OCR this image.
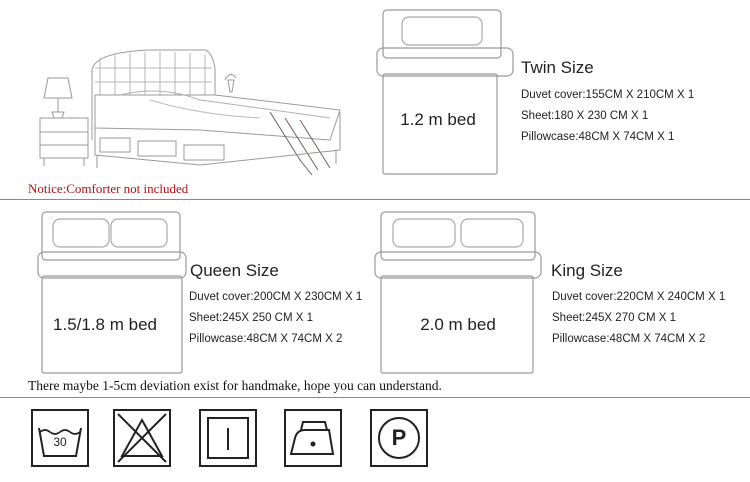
Notice:Comforter not included
1.2 m bed
Twin Size
Duvet cover:155CM X 210CM X 1
Sheet:180 X 230 CM X 1
Pillowcase:48CM X 74CM X 1
1.5/1.8 m bed
Queen Size
Duvet cover:200CM X 230CM X 1
Sheet:245X 250 CM X 1
Pillowcase:48CM X 74CM X 2
2.0 m bed
King Size
Duvet cover:220CM X 240CM X 1
Sheet:245X 270 CM X 1
Pillowcase:48CM X 74CM X 2
There maybe 1-5cm deviation exist for handmake, hope you can understand.
30	P
